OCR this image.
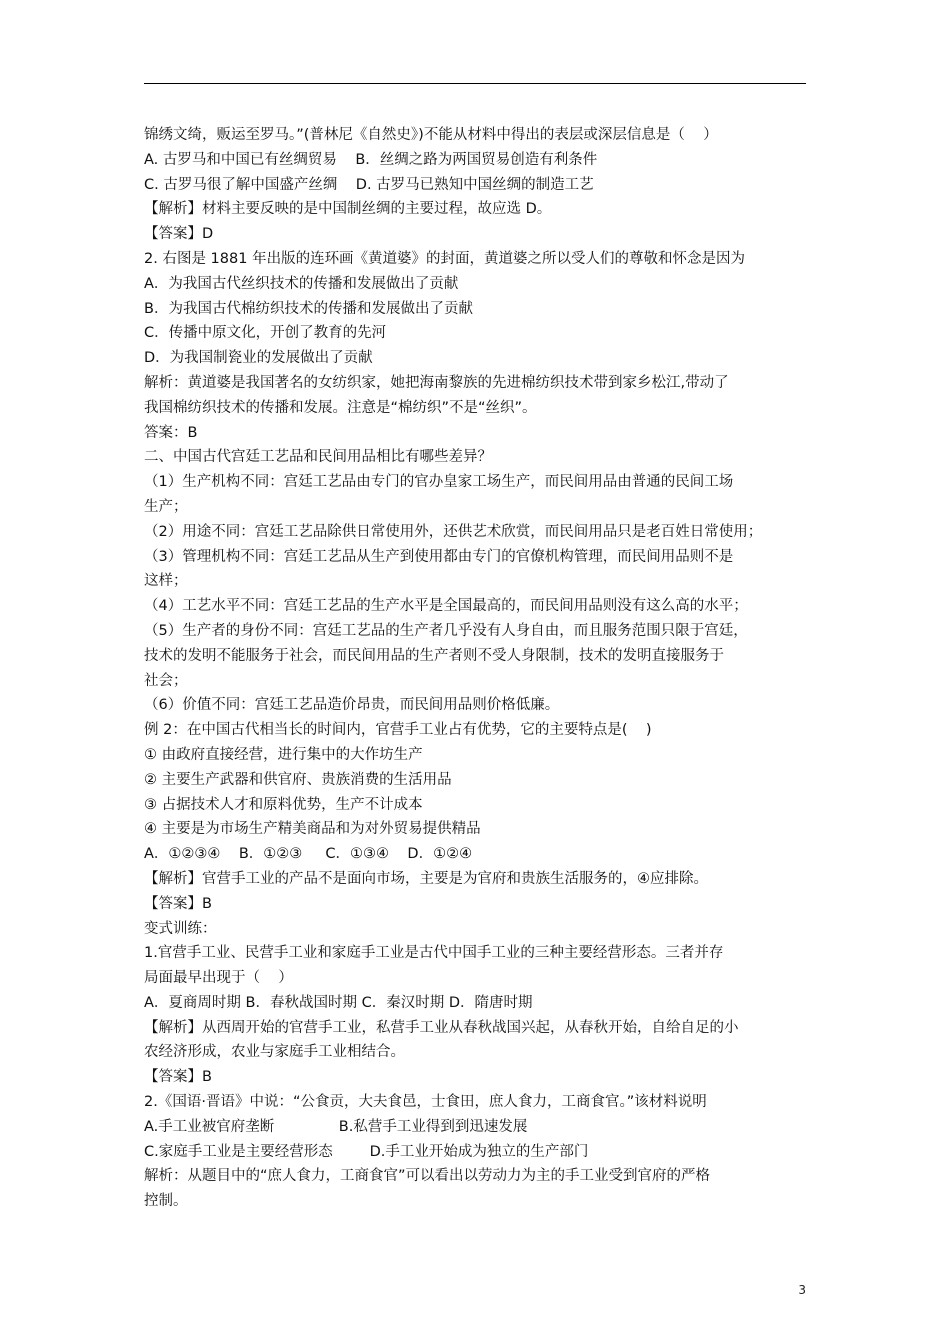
锦绣文绮，贩运至罗马。”(普林尼《自然史》)不能从材料中得出的表层或深层信息是（    ）
A. 古罗马和中国已有丝绸贸易    B．丝绸之路为两国贸易创造有利条件
C. 古罗马很了解中国盛产丝绸    D. 古罗马已熟知中国丝绸的制造工艺
【解析】材料主要反映的是中国制丝绸的主要过程，故应选 D。
【答案】D
2. 右图是 1881 年出版的连环画《黄道婆》的封面，黄道婆之所以受人们的尊敬和怀念是因为
A．为我国古代丝织技术的传播和发展做出了贡献
B．为我国古代棉纺织技术的传播和发展做出了贡献
C．传播中原文化，开创了教育的先河
D．为我国制瓷业的发展做出了贡献
解析：黄道婆是我国著名的女纺织家，她把海南黎族的先进棉纺织技术带到家乡松江,带动了
我国棉纺织技术的传播和发展。注意是“棉纺织”不是“丝织”。
答案：B
二、中国古代宫廷工艺品和民间用品相比有哪些差异？
（1）生产机构不同：宫廷工艺品由专门的官办皇家工场生产，而民间用品由普通的民间工场
生产；
（2）用途不同：宫廷工艺品除供日常使用外，还供艺术欣赏，而民间用品只是老百姓日常使用；
（3）管理机构不同：宫廷工艺品从生产到使用都由专门的官僚机构管理，而民间用品则不是
这样；
（4）工艺水平不同：宫廷工艺品的生产水平是全国最高的，而民间用品则没有这么高的水平；
（5）生产者的身份不同：宫廷工艺品的生产者几乎没有人身自由，而且服务范围只限于宫廷，
技术的发明不能服务于社会，而民间用品的生产者则不受人身限制，技术的发明直接服务于
社会；
（6）价值不同：宫廷工艺品造价昂贵，而民间用品则价格低廉。
例 2：在中国古代相当长的时间内，官营手工业占有优势，它的主要特点是(    )
① 由政府直接经营，进行集中的大作坊生产
② 主要生产武器和供官府、贵族消费的生活用品
③ 占据技术人才和原料优势，生产不计成本
④ 主要是为市场生产精美商品和为对外贸易提供精品
A．①②③④    B．①②③     C．①③④    D．①②④
【解析】官营手工业的产品不是面向市场，主要是为官府和贵族生活服务的，④应排除。
【答案】B
变式训练：
1.官营手工业、民营手工业和家庭手工业是古代中国手工业的三种主要经营形态。三者并存
局面最早出现于（    ）
A．夏商周时期 B．春秋战国时期 C．秦汉时期 D．隋唐时期
【解析】从西周开始的官营手工业，私营手工业从春秋战国兴起，从春秋开始，自给自足的小
农经济形成，农业与家庭手工业相结合。
【答案】B
2.《国语·晋语》中说：“公食贡，大夫食邑，士食田，庶人食力，工商食官。”该材料说明
A.手工业被官府垄断              B.私营手工业得到到迅速发展
C.家庭手工业是主要经营形态        D.手工业开始成为独立的生产部门
解析：从题目中的“庶人食力，工商食官”可以看出以劳动力为主的手工业受到官府的严格
控制。
3
